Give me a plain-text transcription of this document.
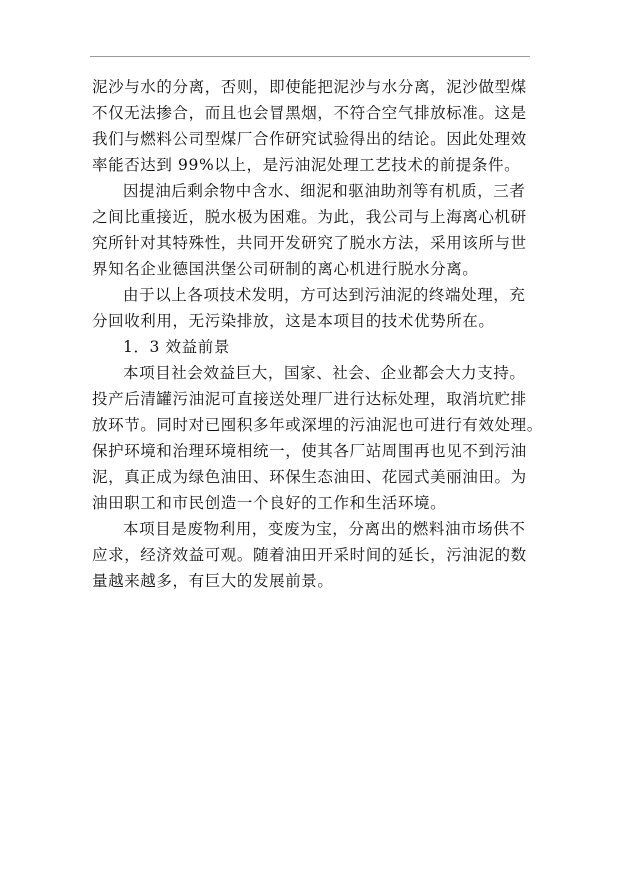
泥沙与水的分离，否则，即使能把泥沙与水分离，泥沙做型煤
不仅无法掺合，而且也会冒黑烟，不符合空气排放标准。这是
我们与燃料公司型煤厂合作研究试验得出的结论。因此处理效
率能否达到 99%以上，是污油泥处理工艺技术的前提条件。
因提油后剩余物中含水、细泥和驱油助剂等有机质，三者
之间比重接近，脱水极为困难。为此，我公司与上海离心机研
究所针对其特殊性，共同开发研究了脱水方法，采用该所与世
界知名企业德国洪堡公司研制的离心机进行脱水分离。
由于以上各项技术发明，方可达到污油泥的终端处理，充
分回收利用，无污染排放，这是本项目的技术优势所在。
1．3 效益前景
本项目社会效益巨大，国家、社会、企业都会大力支持。
投产后清罐污油泥可直接送处理厂进行达标处理，取消坑贮排
放环节。同时对已囤积多年或深埋的污油泥也可进行有效处理。
保护环境和治理环境相统一，使其各厂站周围再也见不到污油
泥，真正成为绿色油田、环保生态油田、花园式美丽油田。为
油田职工和市民创造一个良好的工作和生活环境。
本项目是废物利用，变废为宝，分离出的燃料油市场供不
应求，经济效益可观。随着油田开采时间的延长，污油泥的数
量越来越多，有巨大的发展前景。
